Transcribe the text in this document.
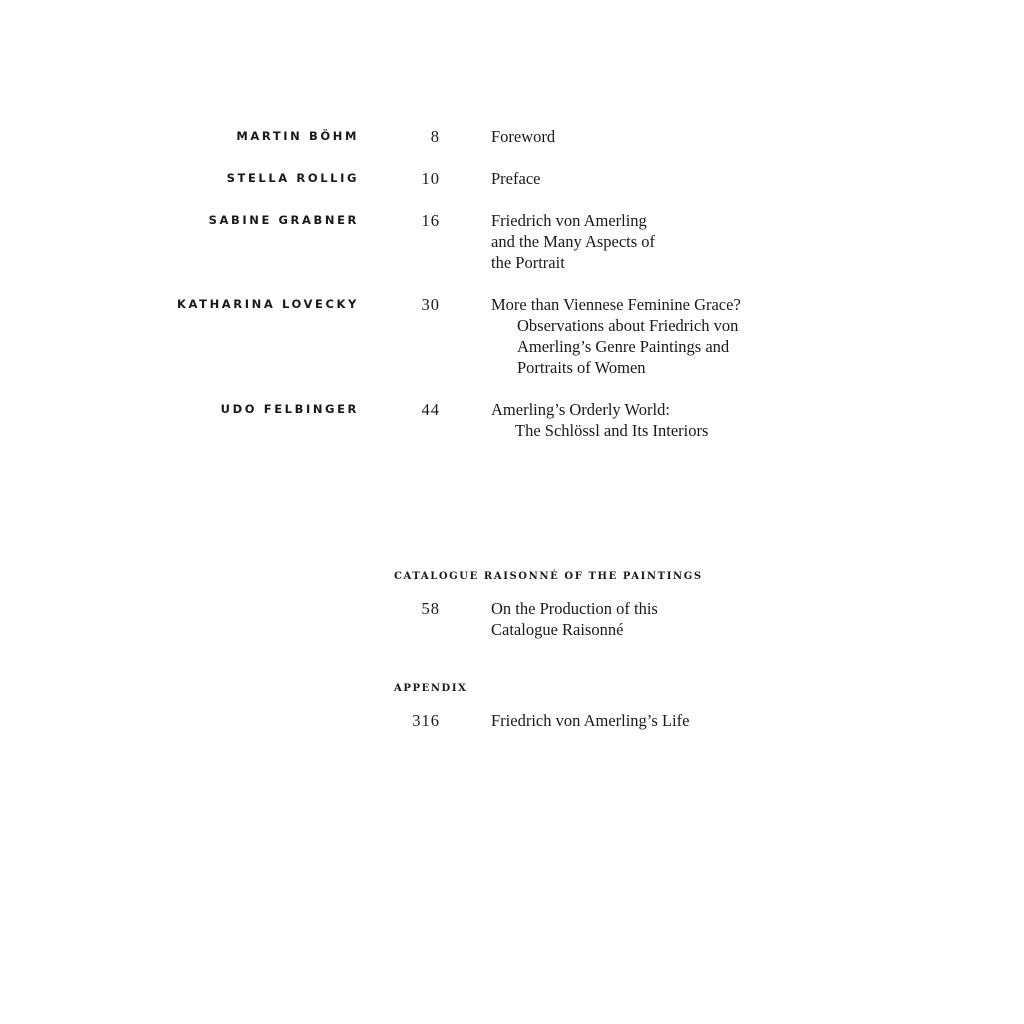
MARTIN BÖHM	8	Foreword
STELLA ROLLIG	10	Preface
SABINE GRABNER	16	Friedrich von Amerling
and the Many Aspects of
the Portrait
KATHARINA LOVECKY	30	More than Viennese Feminine Grace?
Observations about Friedrich von
Amerling’s Genre Paintings and
Portraits of Women
UDO FELBINGER	44	Amerling’s Orderly World:
The Schlössl and Its Interiors
CATALOGUE RAISONNÉ OF THE PAINTINGS
58	On the Production of this
Catalogue Raisonné
APPENDIX
316	Friedrich von Amerling’s Life
